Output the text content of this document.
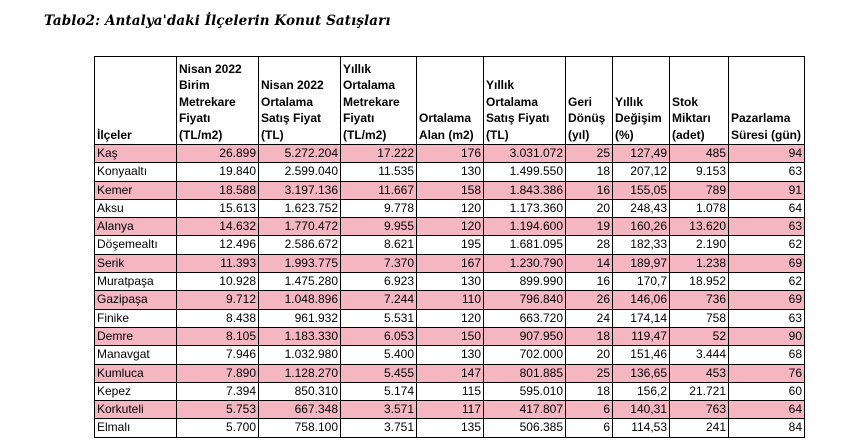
Tablo2: Antalya'daki İlçelerin Konut Satışları
İlçeler	Nisan 2022 Birim Metrekare Fiyatı (TL/m2)	Nisan 2022 Ortalama Satış Fiyat (TL)	Yıllık Ortalama Metrekare Fiyatı (TL/m2)	Ortalama Alan (m2)	Yıllık Ortalama Satış Fiyatı (TL)	Geri Dönüş (yıl)	Yıllık Değişim (%)	Stok Miktarı (adet)	Pazarlama Süresi (gün)
Kaş	26.899	5.272.204	17.222	176	3.031.072	25	127,49	485	94
Konyaaltı	19.840	2.599.040	11.535	130	1.499.550	18	207,12	9.153	63
Kemer	18.588	3.197.136	11.667	158	1.843.386	16	155,05	789	91
Aksu	15.613	1.623.752	9.778	120	1.173.360	20	248,43	1.078	64
Alanya	14.632	1.770.472	9.955	120	1.194.600	19	160,26	13.620	63
Döşemealtı	12.496	2.586.672	8.621	195	1.681.095	28	182,33	2.190	62
Serik	11.393	1.993.775	7.370	167	1.230.790	14	189,97	1.238	69
Muratpaşa	10.928	1.475.280	6.923	130	899.990	16	170,7	18.952	62
Gazipaşa	9.712	1.048.896	7.244	110	796.840	26	146,06	736	69
Finike	8.438	961.932	5.531	120	663.720	24	174,14	758	63
Demre	8.105	1.183.330	6.053	150	907.950	18	119,47	52	90
Manavgat	7.946	1.032.980	5.400	130	702.000	20	151,46	3.444	68
Kumluca	7.890	1.128.270	5.455	147	801.885	25	136,65	453	76
Kepez	7.394	850.310	5.174	115	595.010	18	156,2	21.721	60
Korkuteli	5.753	667.348	3.571	117	417.807	6	140,31	763	64
Elmalı	5.700	758.100	3.751	135	506.385	6	114,53	241	84
